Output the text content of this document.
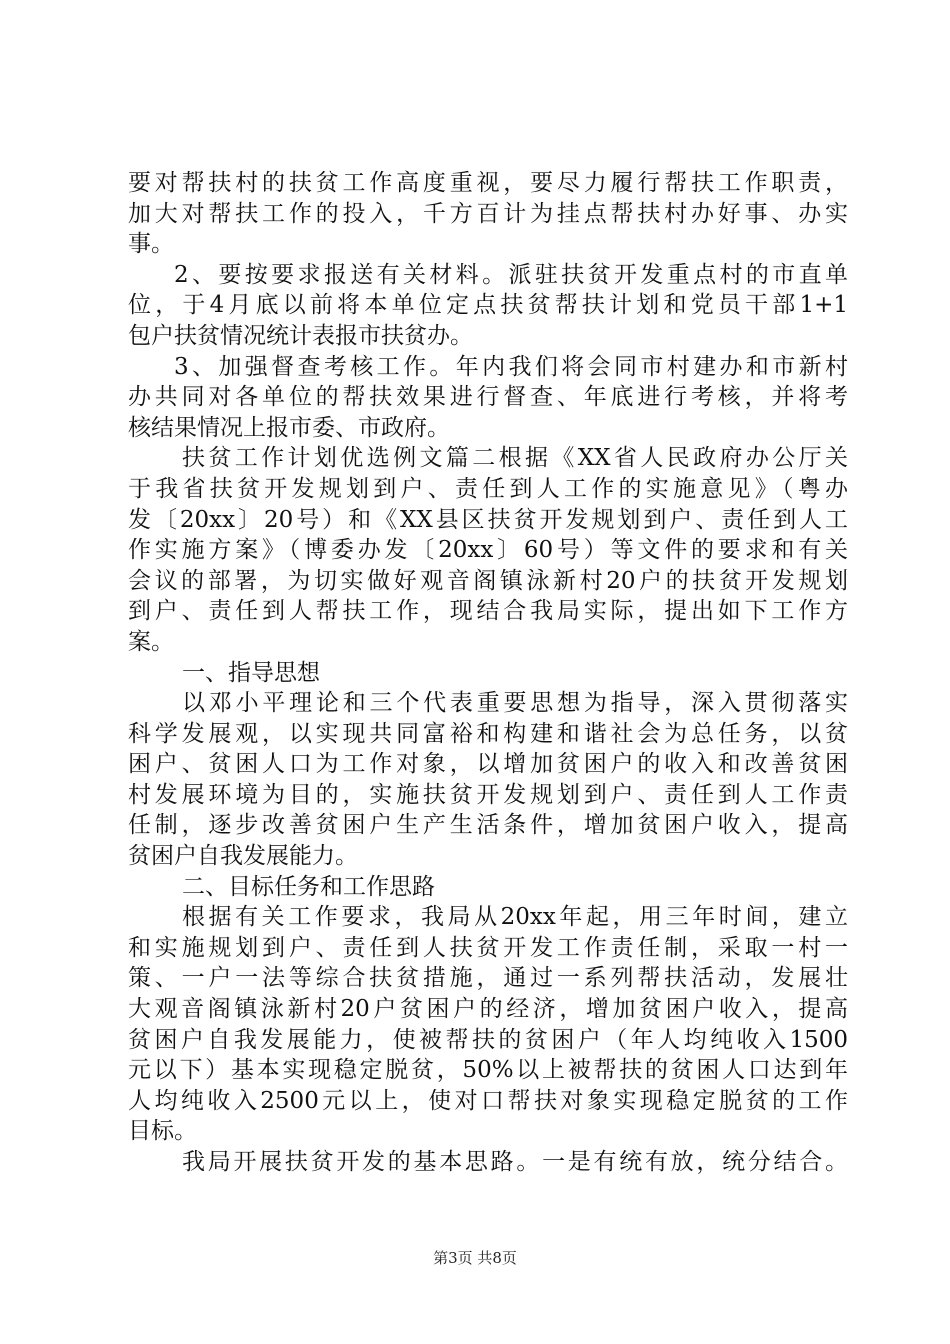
要对帮扶村的扶贫工作高度重视，要尽力履行帮扶工作职责，
加大对帮扶工作的投入，千方百计为挂点帮扶村办好事、办实
事。
2、要按要求报送有关材料。派驻扶贫开发重点村的市直单
位，于4月底以前将本单位定点扶贫帮扶计划和党员干部1+1
包户扶贫情况统计表报市扶贫办。
3、加强督查考核工作。年内我们将会同市村建办和市新村
办共同对各单位的帮扶效果进行督查、年底进行考核，并将考
核结果情况上报市委、市政府。
扶贫工作计划优选例文篇二根据《XX省人民政府办公厅关
于我省扶贫开发规划到户、责任到人工作的实施意见》（粤办
发〔20xx〕20号）和《XX县区扶贫开发规划到户、责任到人工
作实施方案》（博委办发〔20xx〕60号）等文件的要求和有关
会议的部署，为切实做好观音阁镇泳新村20户的扶贫开发规划
到户、责任到人帮扶工作，现结合我局实际，提出如下工作方
案。
一、指导思想
以邓小平理论和三个代表重要思想为指导，深入贯彻落实
科学发展观，以实现共同富裕和构建和谐社会为总任务，以贫
困户、贫困人口为工作对象，以增加贫困户的收入和改善贫困
村发展环境为目的，实施扶贫开发规划到户、责任到人工作责
任制，逐步改善贫困户生产生活条件，增加贫困户收入，提高
贫困户自我发展能力。
二、目标任务和工作思路
根据有关工作要求，我局从20xx年起，用三年时间，建立
和实施规划到户、责任到人扶贫开发工作责任制，采取一村一
策、一户一法等综合扶贫措施，通过一系列帮扶活动，发展壮
大观音阁镇泳新村20户贫困户的经济，增加贫困户收入，提高
贫困户自我发展能力，使被帮扶的贫困户（年人均纯收入1500
元以下）基本实现稳定脱贫，50%以上被帮扶的贫困人口达到年
人均纯收入2500元以上，使对口帮扶对象实现稳定脱贫的工作
目标。
我局开展扶贫开发的基本思路。一是有统有放，统分结合。
第3页 共8页
